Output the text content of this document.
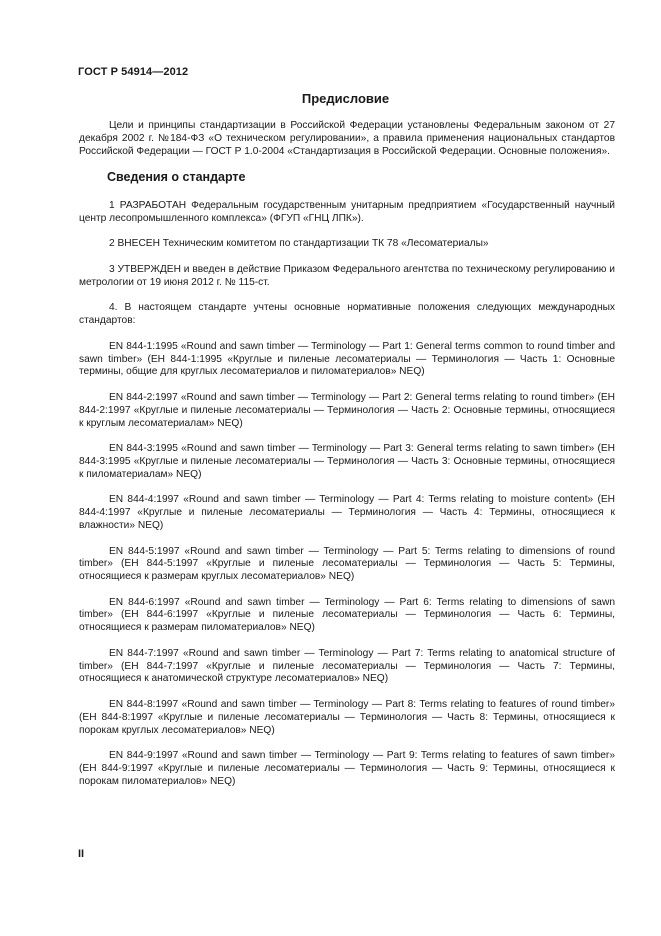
ГОСТ Р 54914—2012
Предисловие

Цели и принципы стандартизации в Российской Федерации установлены Федеральным законом от 27 декабря 2002 г. №184-ФЗ «О техническом регулировании», а правила применения национальных стандартов Российской Федерации — ГОСТ Р 1.0-2004 «Стандартизация в Российской Федерации. Основные положения».

Сведения о стандарте

1 РАЗРАБОТАН Федеральным государственным унитарным предприятием «Государственный научный центр лесопромышленного комплекса» (ФГУП «ГНЦ ЛПК»).

2 ВНЕСЕН Техническим комитетом по стандартизации ТК 78 «Лесоматериалы»

3 УТВЕРЖДЕН и введен в действие Приказом Федерального агентства по техническому регулированию и метрологии от 19 июня 2012 г. № 115-ст.

4. В настоящем стандарте учтены основные нормативные положения следующих международных стандартов:

EN 844-1:1995 «Round and sawn timber — Terminology — Part 1: General terms common to round timber and sawn timber» (EH 844-1:1995 «Круглые и пиленые лесоматериалы — Терминология — Часть 1: Основные термины, общие для круглых лесоматериалов и пиломатериалов» NEQ)

EN 844-2:1997 «Round and sawn timber — Terminology — Part 2: General terms relating to round timber» (EH 844-2:1997 «Круглые и пиленые лесоматериалы — Терминология — Часть 2: Основные термины, относящиеся к круглым лесоматериалам» NEQ)

EN 844-3:1995 «Round and sawn timber — Terminology — Part 3: General terms relating to sawn timber» (EH 844-3:1995 «Круглые и пиленые лесоматериалы — Терминология — Часть 3: Основные термины, относящиеся к пиломатериалам» NEQ)

EN 844-4:1997 «Round and sawn timber — Terminology — Part 4: Terms relating to moisture content» (EH 844-4:1997 «Круглые и пиленые лесоматериалы — Терминология — Часть 4: Термины, относящиеся к влажности» NEQ)

EN 844-5:1997 «Round and sawn timber — Terminology — Part 5: Terms relating to dimensions of round timber» (EH 844-5:1997 «Круглые и пиленые лесоматериалы — Терминология — Часть 5: Термины, относящиеся к размерам круглых лесоматериалов» NEQ)

EN 844-6:1997 «Round and sawn timber — Terminology — Part 6: Terms relating to dimensions of sawn timber» (EH 844-6:1997 «Круглые и пиленые лесоматериалы — Терминология — Часть 6: Термины, относящиеся к размерам пиломатериалов» NEQ)

EN 844-7:1997 «Round and sawn timber — Terminology — Part 7: Terms relating to anatomical structure of timber» (EH 844-7:1997 «Круглые и пиленые лесоматериалы — Терминология — Часть 7: Термины, относящиеся к анатомической структуре лесоматериалов» NEQ)

EN 844-8:1997 «Round and sawn timber — Terminology — Part 8: Terms relating to features of round timber» (EH 844-8:1997 «Круглые и пиленые лесоматериалы — Терминология — Часть 8: Термины, относящиеся к порокам круглых лесоматериалов» NEQ)

EN 844-9:1997 «Round and sawn timber — Terminology — Part 9: Terms relating to features of sawn timber» (EH 844-9:1997 «Круглые и пиленые лесоматериалы — Терминология — Часть 9: Термины, относящиеся к порокам пиломатериалов» NEQ)

II
